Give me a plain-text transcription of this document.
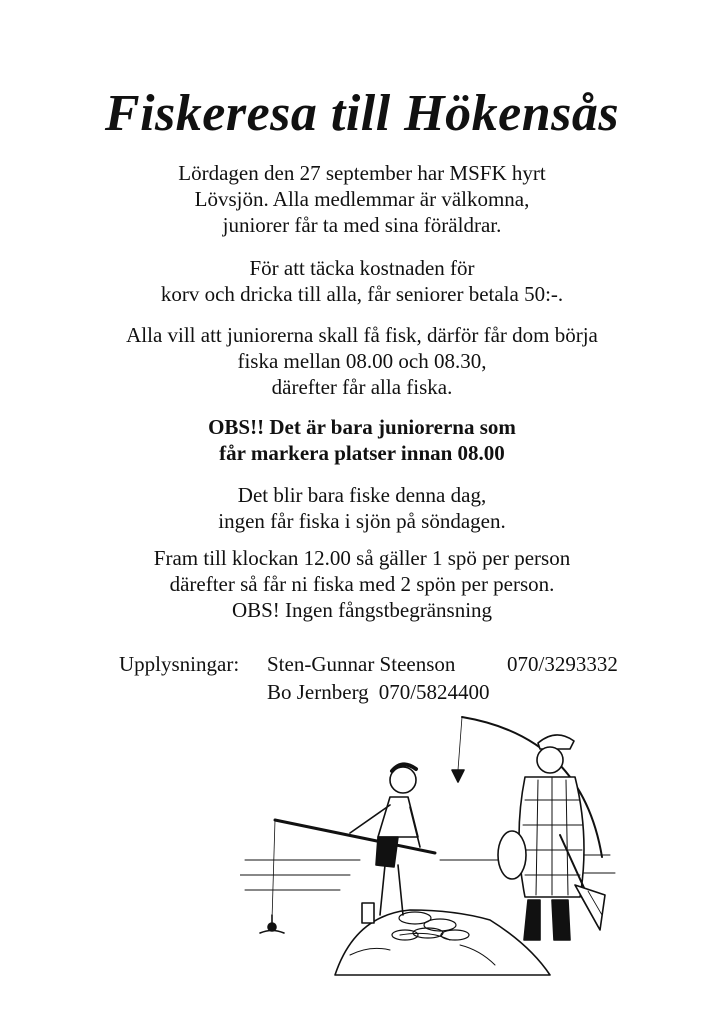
Fiskeresa till Hökensås
Lördagen den 27 september har MSFK hyrt
Lövsjön. Alla medlemmar är välkomna,
juniorer får ta med sina föräldrar.
För att täcka kostnaden för
korv och dricka till alla, får seniorer betala 50:-.
Alla vill att juniorerna skall få fisk, därför får dom börja
fiska mellan 08.00 och 08.30,
därefter får alla fiska.
OBS!! Det är bara juniorerna som
får markera platser innan 08.00
Det blir bara fiske denna dag,
ingen får fiska i sjön på söndagen.
Fram till klockan 12.00 så gäller 1 spö per person
därefter så får ni fiska med 2 spön per person.
OBS! Ingen fångstbegränsning
Upplysningar:	Sten-Gunnar Steenson	070/3293332
Bo Jernberg 070/5824400
